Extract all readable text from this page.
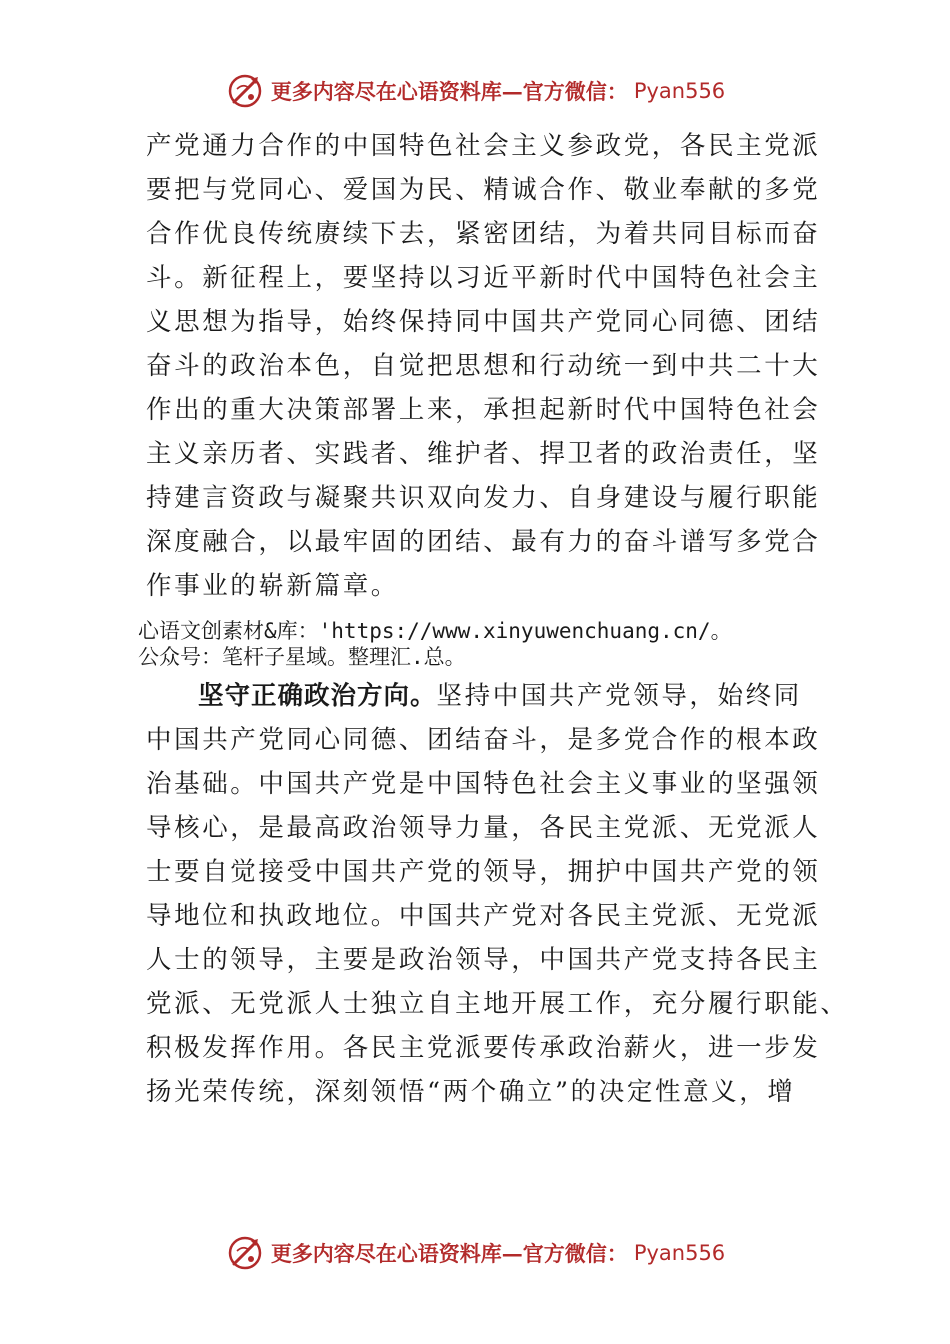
更多内容尽在心语资料库—官方微信： Pyan556
产党通力合作的中国特色社会主义参政党，各民主党派
要把与党同心、爱国为民、精诚合作、敬业奉献的多党
合作优良传统赓续下去，紧密团结，为着共同目标而奋
斗。新征程上，要坚持以习近平新时代中国特色社会主
义思想为指导，始终保持同中国共产党同心同德、团结
奋斗的政治本色，自觉把思想和行动统一到中共二十大
作出的重大决策部署上来，承担起新时代中国特色社会
主义亲历者、实践者、维护者、捍卫者的政治责任，坚
持建言资政与凝聚共识双向发力、自身建设与履行职能
深度融合，以最牢固的团结、最有力的奋斗谱写多党合
作事业的崭新篇章。
心语文创素材&库：'https://www.xinyuwenchuang.cn/。
公众号：笔杆子星域。整理汇.总。
坚守正确政治方向。坚持中国共产党领导，始终同
中国共产党同心同德、团结奋斗，是多党合作的根本政
治基础。中国共产党是中国特色社会主义事业的坚强领
导核心，是最高政治领导力量，各民主党派、无党派人
士要自觉接受中国共产党的领导，拥护中国共产党的领
导地位和执政地位。中国共产党对各民主党派、无党派
人士的领导，主要是政治领导，中国共产党支持各民主
党派、无党派人士独立自主地开展工作，充分履行职能、
积极发挥作用。各民主党派要传承政治薪火，进一步发
扬光荣传统，深刻领悟“两个确立”的决定性意义，增
更多内容尽在心语资料库—官方微信： Pyan556
